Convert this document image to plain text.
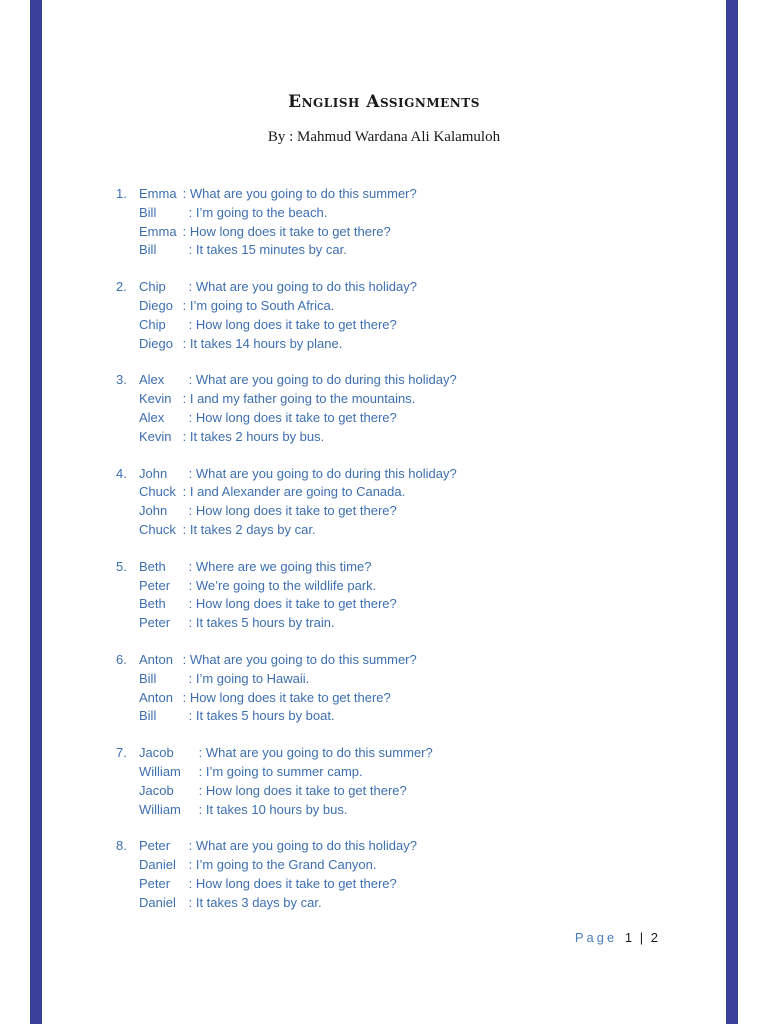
English Assignments
By : Mahmud Wardana Ali Kalamuloh
1. Emma : What are you going to do this summer?
Bill	: I’m going to the beach.
Emma : How long does it take to get there?
Bill	: It takes 15 minutes by car.
2. Chip	: What are you going to do this holiday?
Diego : I’m going to South Africa.
Chip	: How long does it take to get there?
Diego : It takes 14 hours by plane.
3. Alex	: What are you going to do during this holiday?
Kevin : I and my father going to the mountains.
Alex	: How long does it take to get there?
Kevin : It takes 2 hours by bus.
4. John	: What are you going to do during this holiday?
Chuck : I and Alexander are going to Canada.
John	: How long does it take to get there?
Chuck : It takes 2 days by car.
5. Beth	: Where are we going this time?
Peter	: We’re going to the wildlife park.
Beth	: How long does it take to get there?
Peter	: It takes 5 hours by train.
6. Anton : What are you going to do this summer?
Bill	: I’m going to Hawaii.
Anton : How long does it take to get there?
Bill	: It takes 5 hours by boat.
7. Jacob	: What are you going to do this summer?
William	: I’m going to summer camp.
Jacob	: How long does it take to get there?
William	: It takes 10 hours by bus.
8. Peter	: What are you going to do this holiday?
Daniel : I’m going to the Grand Canyon.
Peter	: How long does it take to get there?
Daniel : It takes 3 days by car.
Page 1 | 2
